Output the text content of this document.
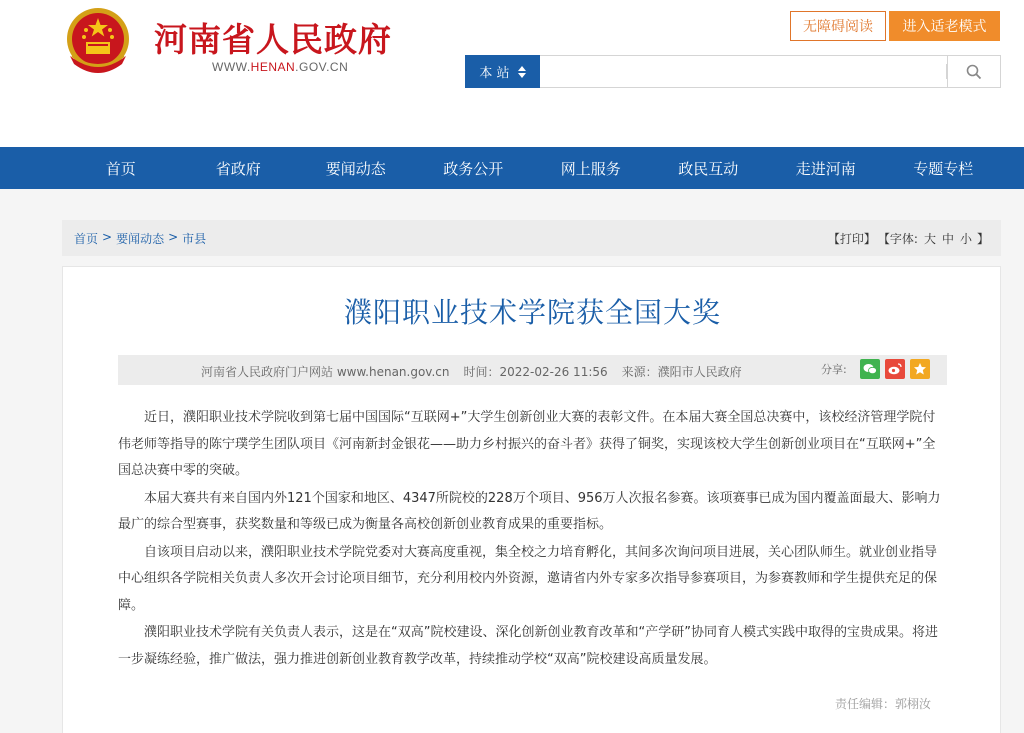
河南省人民政府
WWW.HENAN.GOV.CN
无障碍阅读	进入适老模式
本 站
首页	省政府	要闻动态	政务公开	网上服务	政民互动	走进河南	专题专栏
首页 > 要闻动态 > 市县	【打印】 【字体: 大 中 小 】
濮阳职业技术学院获全国大奖
河南省人民政府门户网站 www.henan.gov.cn 时间：2022-02-26 11:56 来源：濮阳市人民政府	分享:

近日，濮阳职业技术学院收到第七届中国国际“互联网+”大学生创新创业大赛的表彰文件。在本届大赛全国总决赛中，该校经济管理学院付伟老师等指导的陈宁璞学生团队项目《河南新封金银花——助力乡村振兴的奋斗者》获得了铜奖，实现该校大学生创新创业项目在“互联网+”全国总决赛中零的突破。

本届大赛共有来自国内外121个国家和地区、4347所院校的228万个项目、956万人次报名参赛。该项赛事已成为国内覆盖面最大、影响力最广的综合型赛事，获奖数量和等级已成为衡量各高校创新创业教育成果的重要指标。

自该项目启动以来，濮阳职业技术学院党委对大赛高度重视，集全校之力培育孵化，其间多次询问项目进展，关心团队师生。就业创业指导中心组织各学院相关负责人多次开会讨论项目细节，充分利用校内外资源，邀请省内外专家多次指导参赛项目，为参赛教师和学生提供充足的保障。

濮阳职业技术学院有关负责人表示，这是在“双高”院校建设、深化创新创业教育改革和“产学研”协同育人模式实践中取得的宝贵成果。将进一步凝练经验，推广做法，强力推进创新创业教育教学改革，持续推动学校“双高”院校建设高质量发展。

责任编辑：郭栩汝
